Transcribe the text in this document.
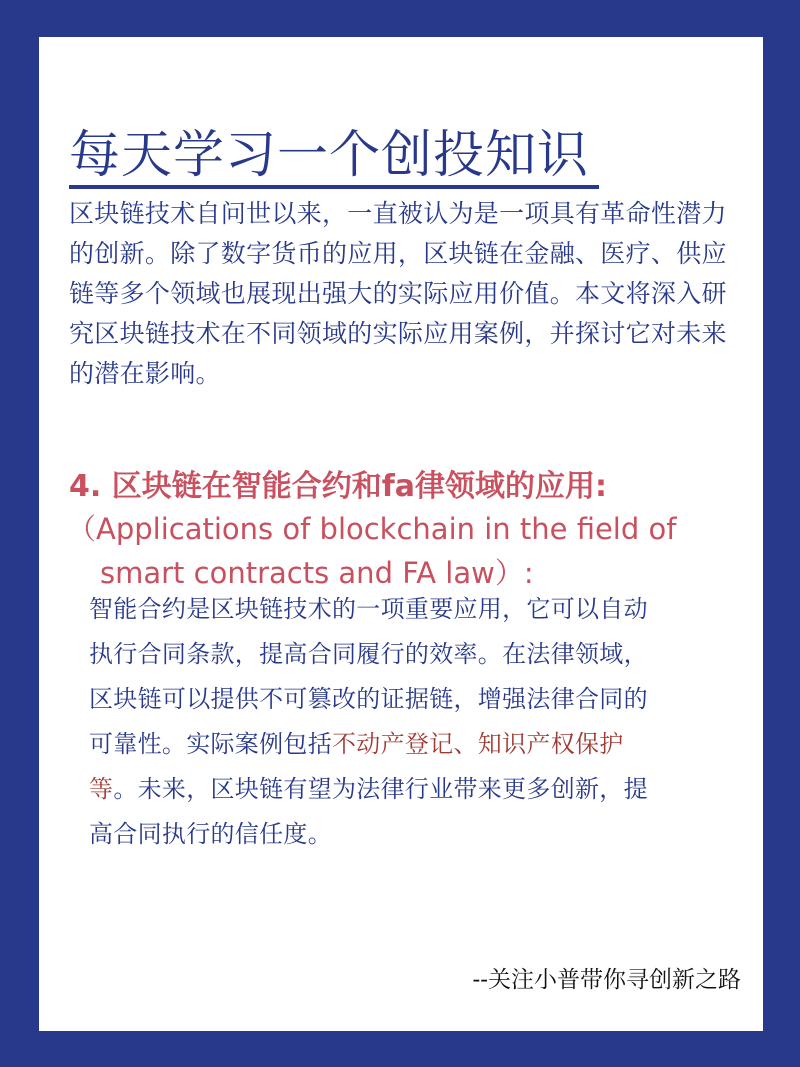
每天学习一个创投知识

区块链技术自问世以来，一直被认为是一项具有革命性潜力的创新。除了数字货币的应用，区块链在金融、医疗、供应链等多个领域也展现出强大的实际应用价值。本文将深入研究区块链技术在不同领域的实际应用案例，并探讨它对未来的潜在影响。

4. 区块链在智能合约和fa律领域的应用:

（Applications of blockchain in the field of
smart contracts and FA law）:

智能合约是区块链技术的一项重要应用，它可以自动执行合同条款，提高合同履行的效率。在法律领域，区块链可以提供不可篡改的证据链，增强法律合同的可靠性。实际案例包括不动产登记、知识产权保护等。未来，区块链有望为法律行业带来更多创新，提高合同执行的信任度。

--关注小普带你寻创新之路
